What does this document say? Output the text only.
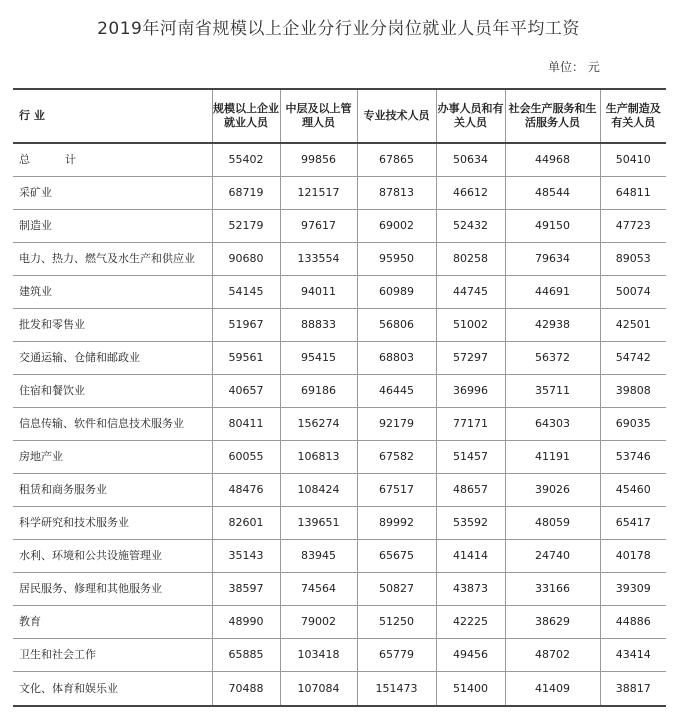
2019年河南省规模以上企业分行业分岗位就业人员年平均工资
单位： 元
行 业	规模以上企业就业人员	中层及以上管理人员	专业技术人员	办事人员和有关人员	社会生产服务和生活服务人员	生产制造及有关人员
总          计	55402	99856	67865	50634	44968	50410
采矿业	68719	121517	87813	46612	48544	64811
制造业	52179	97617	69002	52432	49150	47723
电力、热力、燃气及水生产和供应业	90680	133554	95950	80258	79634	89053
建筑业	54145	94011	60989	44745	44691	50074
批发和零售业	51967	88833	56806	51002	42938	42501
交通运输、仓储和邮政业	59561	95415	68803	57297	56372	54742
住宿和餐饮业	40657	69186	46445	36996	35711	39808
信息传输、软件和信息技术服务业	80411	156274	92179	77171	64303	69035
房地产业	60055	106813	67582	51457	41191	53746
租赁和商务服务业	48476	108424	67517	48657	39026	45460
科学研究和技术服务业	82601	139651	89992	53592	48059	65417
水利、环境和公共设施管理业	35143	83945	65675	41414	24740	40178
居民服务、修理和其他服务业	38597	74564	50827	43873	33166	39309
教育	48990	79002	51250	42225	38629	44886
卫生和社会工作	65885	103418	65779	49456	48702	43414
文化、体育和娱乐业	70488	107084	151473	51400	41409	38817
